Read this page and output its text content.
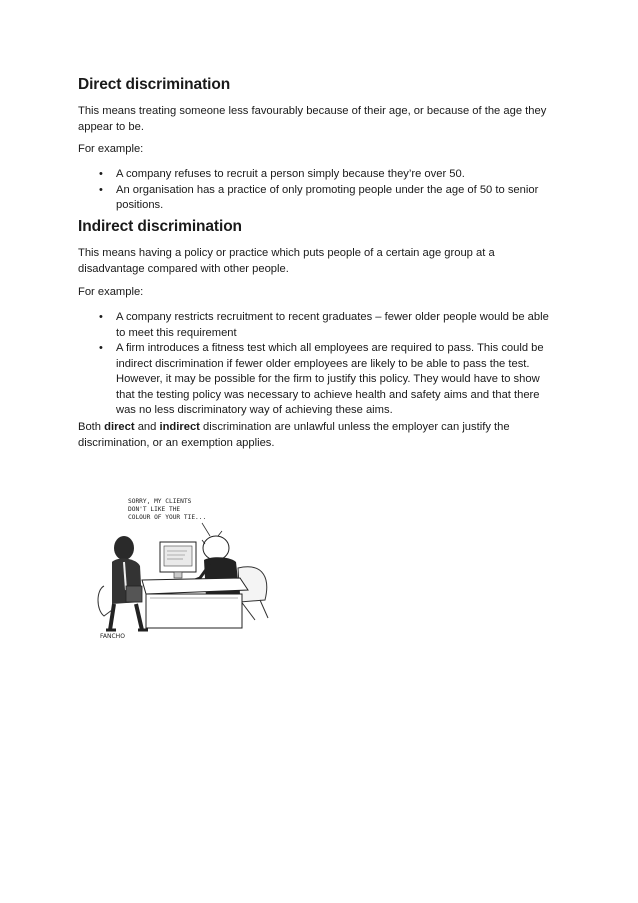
Direct discrimination

This means treating someone less favourably because of their age, or because of the age they appear to be.

For example:

• A company refuses to recruit a person simply because they’re over 50.
• An organisation has a practice of only promoting people under the age of 50 to senior positions.
Indirect discrimination

This means having a policy or practice which puts people of a certain age group at a disadvantage compared with other people.

For example:

• A company restricts recruitment to recent graduates – fewer older people would be able to meet this requirement
• A firm introduces a fitness test which all employees are required to pass. This could be indirect discrimination if fewer older employees are likely to be able to pass the test. However, it may be possible for the firm to justify this policy. They would have to show that the testing policy was necessary to achieve health and safety aims and that there was no less discriminatory way of achieving these aims.

Both direct and indirect discrimination are unlawful unless the employer can justify the discrimination, or an exemption applies.

SORRY, MY CLIENTS
DON'T LIKE THE
COLOUR OF YOUR TIE...
FANCHO
